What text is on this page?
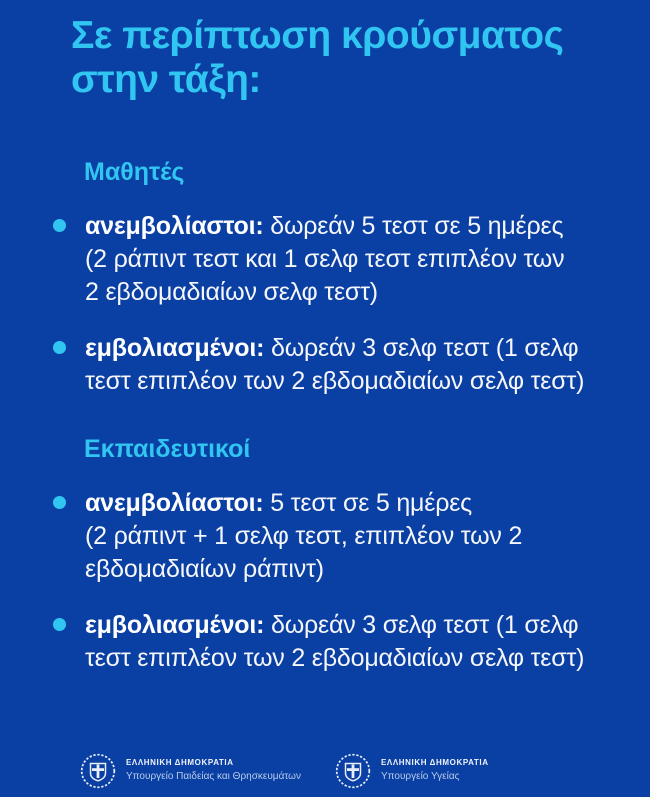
Σε περίπτωση κρούσματος
στην τάξη:
Μαθητές
ανεμβολίαστοι: δωρεάν 5 τεστ σε 5 ημέρες
(2 ράπιντ τεστ και 1 σελφ τεστ επιπλέον των
2 εβδομαδιαίων σελφ τεστ)
εμβολιασμένοι: δωρεάν 3 σελφ τεστ (1 σελφ
τεστ επιπλέον των 2 εβδομαδιαίων σελφ τεστ)
Εκπαιδευτικοί
ανεμβολίαστοι: 5 τεστ σε 5 ημέρες
(2 ράπιντ + 1 σελφ τεστ, επιπλέον των 2
εβδομαδιαίων ράπιντ)
εμβολιασμένοι: δωρεάν 3 σελφ τεστ (1 σελφ
τεστ επιπλέον των 2 εβδομαδιαίων σελφ τεστ)
ΕΛΛΗΝΙΚΗ ΔΗΜΟΚΡΑΤΙΑ
Υπουργείο Παιδείας και Θρησκευμάτων
ΕΛΛΗΝΙΚΗ ΔΗΜΟΚΡΑΤΙΑ
Υπουργείο Υγείας
